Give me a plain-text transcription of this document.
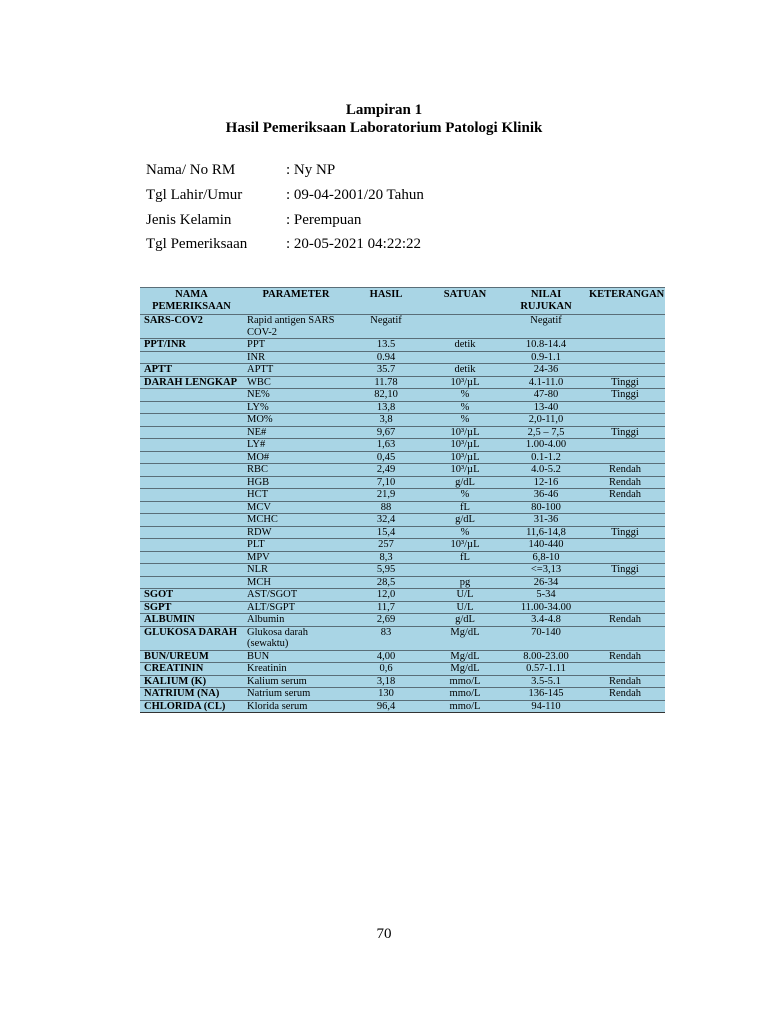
Lampiran 1
Hasil Pemeriksaan Laboratorium Patologi Klinik
Nama/ No RM	: Ny NP
Tgl Lahir/Umur	: 09-04-2001/20 Tahun
Jenis Kelamin	: Perempuan
Tgl Pemeriksaan	: 20-05-2021 04:22:22
NAMA PEMERIKSAAN	PARAMETER	HASIL	SATUAN	NILAI RUJUKAN	KETERANGAN
SARS-COV2	Rapid antigen SARS COV-2	Negatif		Negatif	
PPT/INR	PPT	13.5	detik	10.8-14.4	
	INR	0.94		0.9-1.1	
APTT	APTT	35.7	detik	24-36	
DARAH LENGKAP	WBC	11.78	10³/µL	4.1-11.0	Tinggi
	NE%	82,10	%	47-80	Tinggi
	LY%	13,8	%	13-40	
	MO%	3,8	%	2,0-11,0	
	NE#	9,67	10³/µL	2,5 – 7,5	Tinggi
	LY#	1,63	10³/µL	1.00-4.00	
	MO#	0,45	10³/µL	0.1-1.2	
	RBC	2,49	10³/µL	4.0-5.2	Rendah
	HGB	7,10	g/dL	12-16	Rendah
	HCT	21,9	%	36-46	Rendah
	MCV	88	fL	80-100	
	MCHC	32,4	g/dL	31-36	
	RDW	15,4	%	11,6-14,8	Tinggi
	PLT	257	10³/µL	140-440	
	MPV	8,3	fL	6,8-10	
	NLR	5,95		<=3,13	Tinggi
	MCH	28,5	pg	26-34	
SGOT	AST/SGOT	12,0	U/L	5-34	
SGPT	ALT/SGPT	11,7	U/L	11.00-34.00	
ALBUMIN	Albumin	2,69	g/dL	3.4-4.8	Rendah
GLUKOSA DARAH	Glukosa darah (sewaktu)	83	Mg/dL	70-140	
BUN/UREUM	BUN	4,00	Mg/dL	8.00-23.00	Rendah
CREATININ	Kreatinin	0,6	Mg/dL	0.57-1.11	
KALIUM (K)	Kalium serum	3,18	mmo/L	3.5-5.1	Rendah
NATRIUM (NA)	Natrium serum	130	mmo/L	136-145	Rendah
CHLORIDA (CL)	Klorida serum	96,4	mmo/L	94-110	
70
